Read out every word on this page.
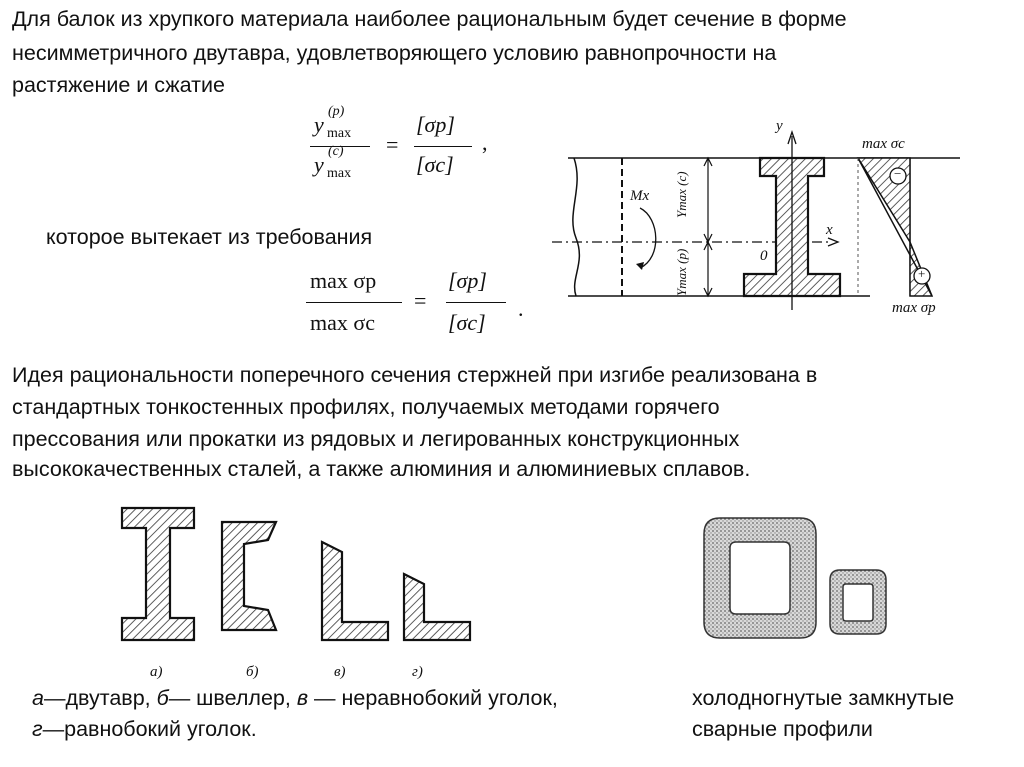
Для балок из хрупкого материала наиболее рациональным будет сечение в форме
несимметричного двутавра, удовлетворяющего условию равнопрочности на
растяжение и сжатие
y
(p)
max
y
(c)
max
=
[σp]
[σc]
,
которое вытекает из требования
max σp
max σc
=
[σp]
[σc]
.
y
x
Mx
0
Ymax (c)
Ymax (p)
max σc
max σp
−
+
Идея рациональности поперечного сечения стержней при изгибе реализована в
стандартных тонкостенных профилях, получаемых методами горячего
прессования или прокатки из рядовых и легированных конструкционных
высококачественных сталей, а также алюминия и алюминиевых сплавов.
а)	б)	в)	г)
а—двутавр, б— швеллер, в — неравнобокий уголок,
г—равнобокий уголок.
холодногнутые замкнутые
сварные профили
